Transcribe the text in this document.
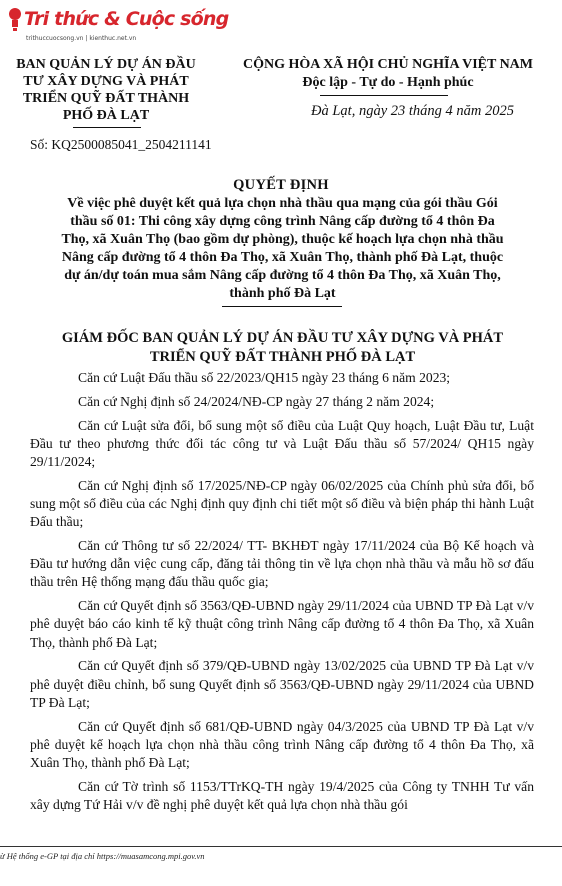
Tri thức & Cuộc sống
trithuccuocsong.vn | kienthuc.net.vn
BAN QUẢN LÝ DỰ ÁN ĐẦU
TƯ XÂY DỰNG VÀ PHÁT
TRIỂN QUỸ ĐẤT THÀNH
PHỐ ĐÀ LẠT
CỘNG HÒA XÃ HỘI CHỦ NGHĨA VIỆT NAM
Độc lập - Tự do - Hạnh phúc
Đà Lạt, ngày 23 tháng 4 năm 2025
Số: KQ2500085041_2504211141
QUYẾT ĐỊNH
Về việc phê duyệt kết quả lựa chọn nhà thầu qua mạng của gói thầu Gói
thầu số 01: Thi công xây dựng công trình Nâng cấp đường tổ 4 thôn Đa
Thọ, xã Xuân Thọ (bao gồm dự phòng), thuộc kế hoạch lựa chọn nhà thầu
Nâng cấp đường tổ 4 thôn Đa Thọ, xã Xuân Thọ, thành phố Đà Lạt, thuộc
dự án/dự toán mua sắm Nâng cấp đường tổ 4 thôn Đa Thọ, xã Xuân Thọ,
thành phố Đà Lạt
GIÁM ĐỐC BAN QUẢN LÝ DỰ ÁN ĐẦU TƯ XÂY DỰNG VÀ PHÁT
TRIỂN QUỸ ĐẤT THÀNH PHỐ ĐÀ LẠT

Căn cứ Luật Đấu thầu số 22/2023/QH15 ngày 23 tháng 6 năm 2023;

Căn cứ Nghị định số 24/2024/NĐ-CP ngày 27 tháng 2 năm 2024;

Căn cứ Luật sửa đổi, bổ sung một số điều của Luật Quy hoạch, Luật Đầu tư, Luật Đầu tư theo phương thức đối tác công tư và Luật Đấu thầu số 57/2024/ QH15 ngày 29/11/2024;

Căn cứ Nghị định số 17/2025/NĐ-CP ngày 06/02/2025 của Chính phủ sửa đổi, bổ sung một số điều của các Nghị định quy định chi tiết một số điều và biện pháp thi hành Luật Đấu thầu;

Căn cứ Thông tư số 22/2024/ TT- BKHĐT ngày 17/11/2024 của Bộ Kế hoạch và Đầu tư hướng dẫn việc cung cấp, đăng tải thông tin về lựa chọn nhà thầu và mẫu hồ sơ đấu thầu trên Hệ thống mạng đấu thầu quốc gia;

Căn cứ Quyết định số 3563/QĐ-UBND ngày 29/11/2024 của UBND TP Đà Lạt v/v phê duyệt báo cáo kinh tế kỹ thuật công trình Nâng cấp đường tổ 4 thôn Đa Thọ, xã Xuân Thọ, thành phố Đà Lạt;

Căn cứ Quyết định số 379/QĐ-UBND ngày 13/02/2025 của UBND TP Đà Lạt v/v phê duyệt điều chỉnh, bổ sung Quyết định số 3563/QĐ-UBND ngày 29/11/2024 của UBND TP Đà Lạt;

Căn cứ Quyết định số 681/QĐ-UBND ngày 04/3/2025 của UBND TP Đà Lạt v/v phê duyệt kế hoạch lựa chọn nhà thầu công trình Nâng cấp đường tổ 4 thôn Đa Thọ, xã Xuân Thọ, thành phố Đà Lạt;

Căn cứ Tờ trình số 1153/TTrKQ-TH ngày 19/4/2025 của Công ty TNHH Tư vấn xây dựng Tứ Hải v/v đề nghị phê duyệt kết quả lựa chọn nhà thầu gói

ừ Hệ thống e-GP tại địa chỉ https://muasamcong.mpi.gov.vn
